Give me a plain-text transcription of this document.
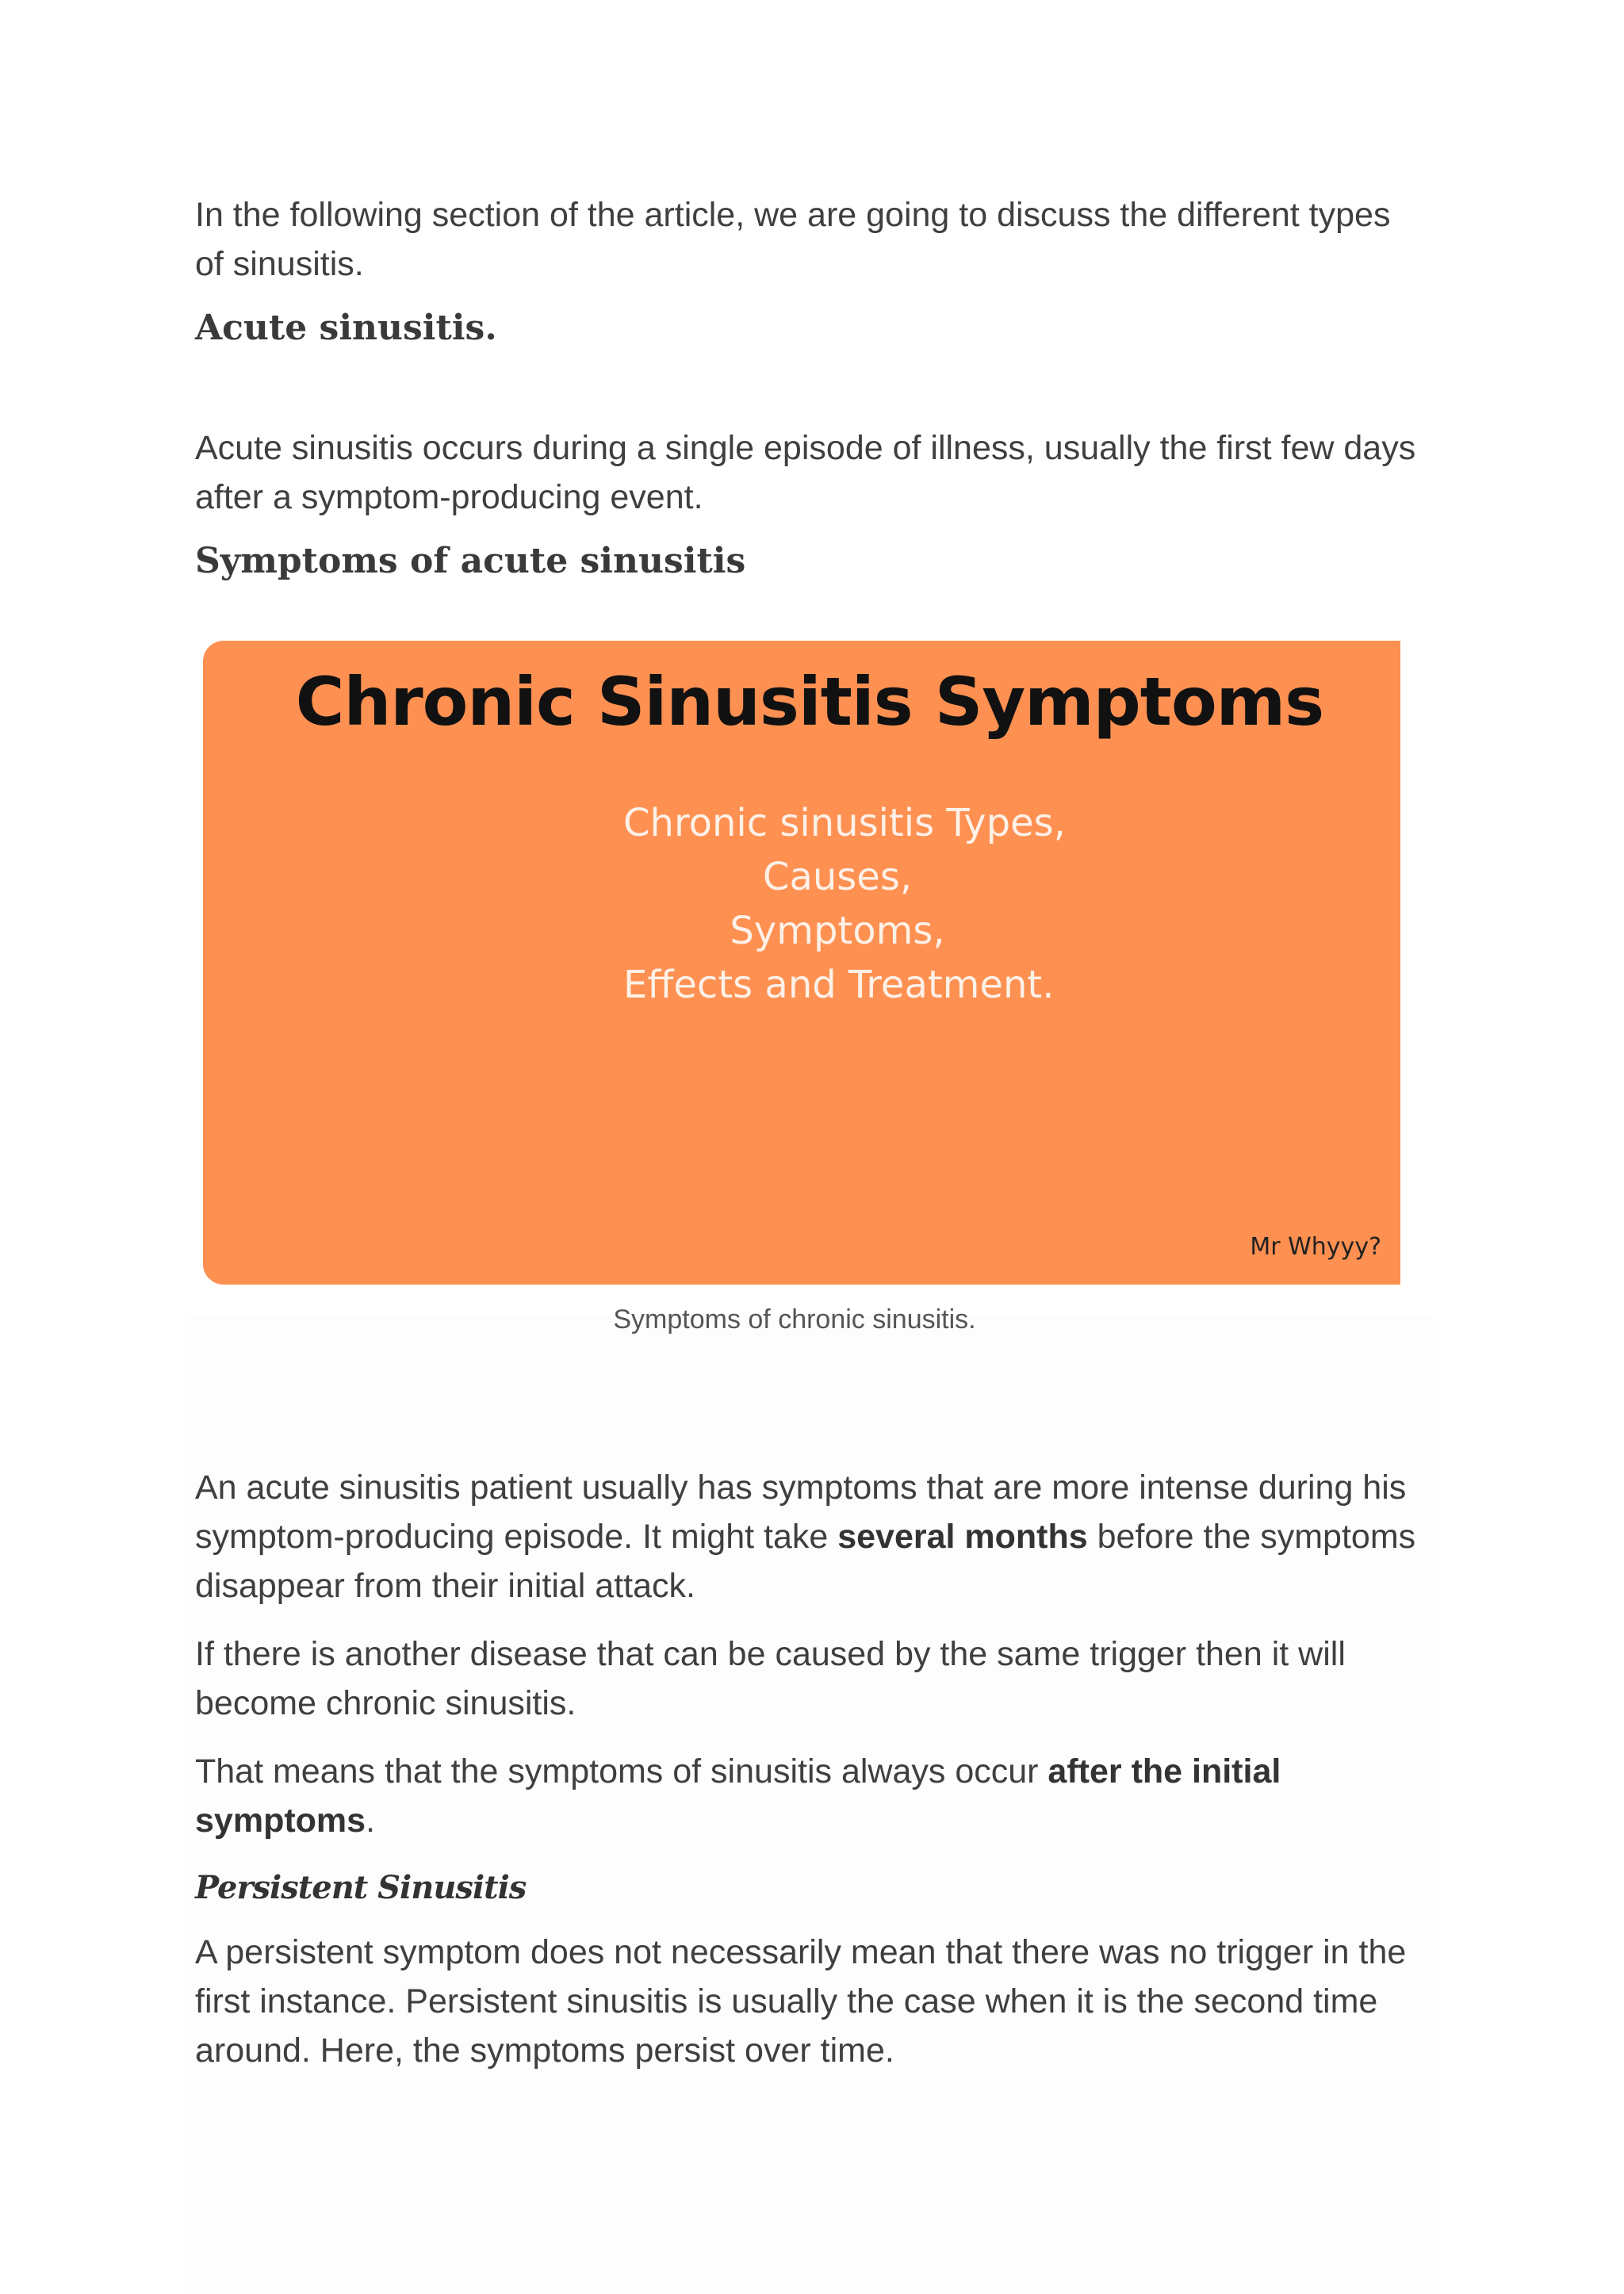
In the following section of the article, we are going to discuss the different types of sinusitis.

Acute sinusitis.

Acute sinusitis occurs during a single episode of illness, usually the first few days after a symptom-producing event.

Symptoms of acute sinusitis
Chronic Sinusitis Symptoms
Chronic sinusitis Types,
Causes,
Symptoms,
Effects and Treatment.
Mr Whyyy?
Symptoms of chronic sinusitis.

An acute sinusitis patient usually has symptoms that are more intense during his symptom-producing episode. It might take several months before the symptoms disappear from their initial attack.

If there is another disease that can be caused by the same trigger then it will become chronic sinusitis.

That means that the symptoms of sinusitis always occur after the initial symptoms.

Persistent Sinusitis

A persistent symptom does not necessarily mean that there was no trigger in the first instance. Persistent sinusitis is usually the case when it is the second time around. Here, the symptoms persist over time.
